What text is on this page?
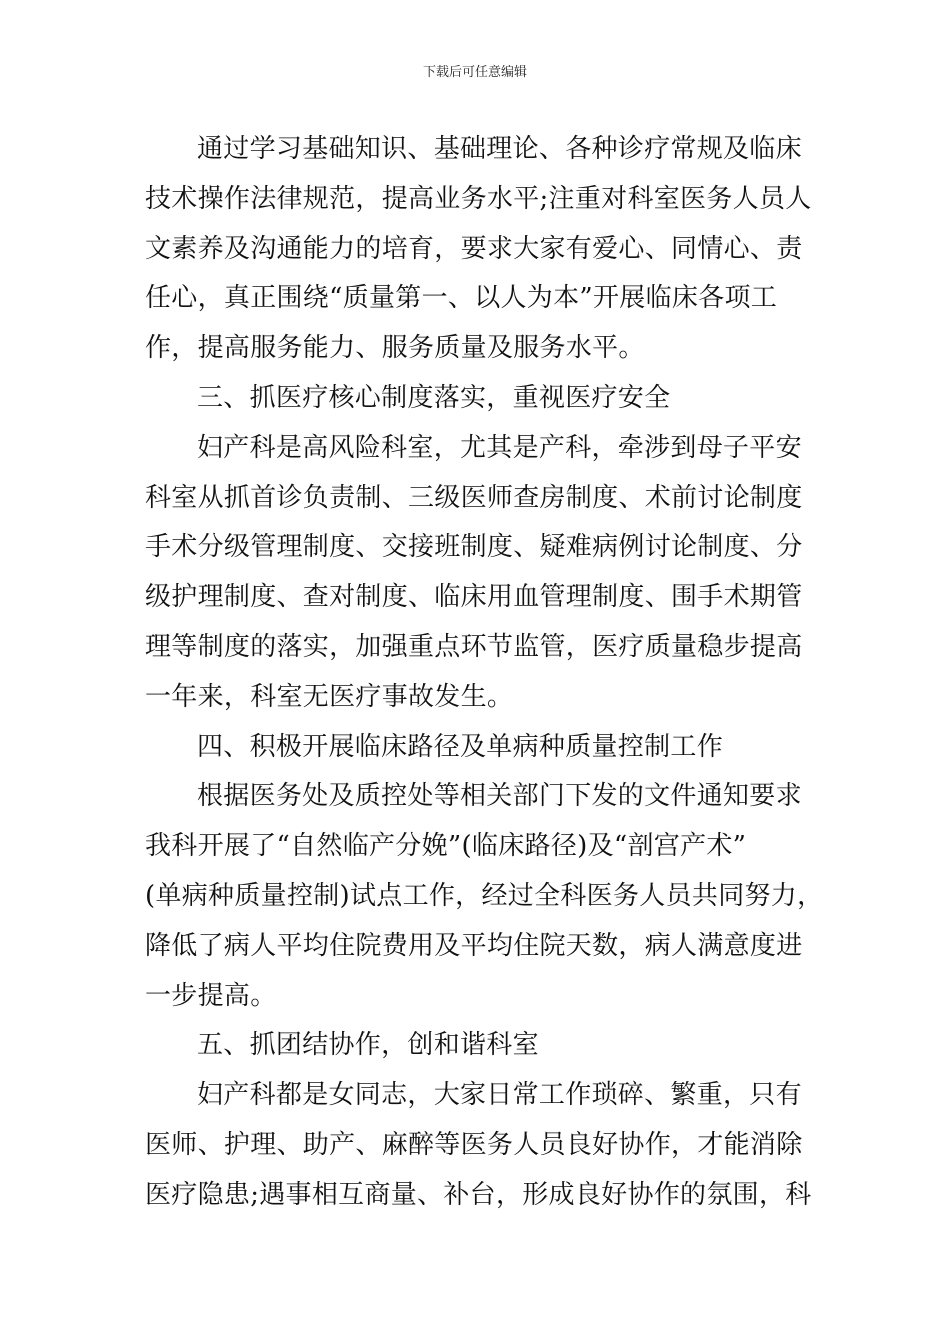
下载后可任意编辑
通过学习基础知识、基础理论、各种诊疗常规及临床
技术操作法律规范，提高业务水平;注重对科室医务人员人
文素养及沟通能力的培育，要求大家有爱心、同情心、责
任心，真正围绕“质量第一、以人为本”开展临床各项工
作，提高服务能力、服务质量及服务水平。
三、抓医疗核心制度落实，重视医疗安全
妇产科是高风险科室，尤其是产科，牵涉到母子平安
科室从抓首诊负责制、三级医师查房制度、术前讨论制度
手术分级管理制度、交接班制度、疑难病例讨论制度、分
级护理制度、查对制度、临床用血管理制度、围手术期管
理等制度的落实，加强重点环节监管，医疗质量稳步提高
一年来，科室无医疗事故发生。
四、积极开展临床路径及单病种质量控制工作
根据医务处及质控处等相关部门下发的文件通知要求
我科开展了“自然临产分娩”(临床路径)及“剖宫产术”
(单病种质量控制)试点工作，经过全科医务人员共同努力，
降低了病人平均住院费用及平均住院天数，病人满意度进
一步提高。
五、抓团结协作，创和谐科室
妇产科都是女同志，大家日常工作琐碎、繁重，只有
医师、护理、助产、麻醉等医务人员良好协作，才能消除
医疗隐患;遇事相互商量、补台，形成良好协作的氛围，科
